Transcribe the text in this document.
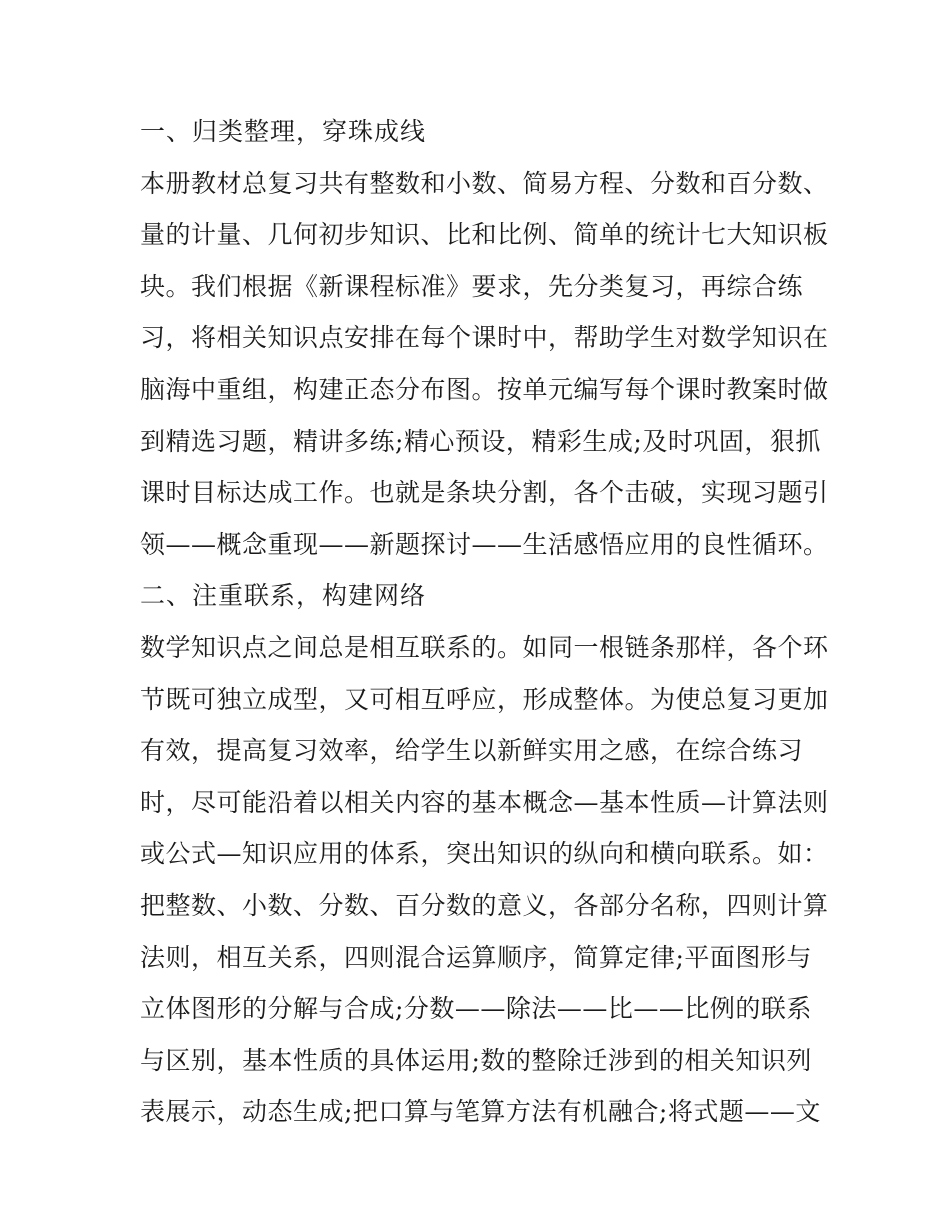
一、归类整理，穿珠成线
本册教材总复习共有整数和小数、简易方程、分数和百分数、
量的计量、几何初步知识、比和比例、简单的统计七大知识板
块。我们根据《新课程标准》要求，先分类复习，再综合练
习，将相关知识点安排在每个课时中，帮助学生对数学知识在
脑海中重组，构建正态分布图。按单元编写每个课时教案时做
到精选习题，精讲多练;精心预设，精彩生成;及时巩固，狠抓
课时目标达成工作。也就是条块分割，各个击破，实现习题引
领——概念重现——新题探讨——生活感悟应用的良性循环。
二、注重联系，构建网络
数学知识点之间总是相互联系的。如同一根链条那样，各个环
节既可独立成型，又可相互呼应，形成整体。为使总复习更加
有效，提高复习效率，给学生以新鲜实用之感，在综合练习
时，尽可能沿着以相关内容的基本概念—基本性质—计算法则
或公式—知识应用的体系，突出知识的纵向和横向联系。如：
把整数、小数、分数、百分数的意义，各部分名称，四则计算
法则，相互关系，四则混合运算顺序，简算定律;平面图形与
立体图形的分解与合成;分数——除法——比——比例的联系
与区别，基本性质的具体运用;数的整除迁涉到的相关知识列
表展示，动态生成;把口算与笔算方法有机融合;将式题——文
